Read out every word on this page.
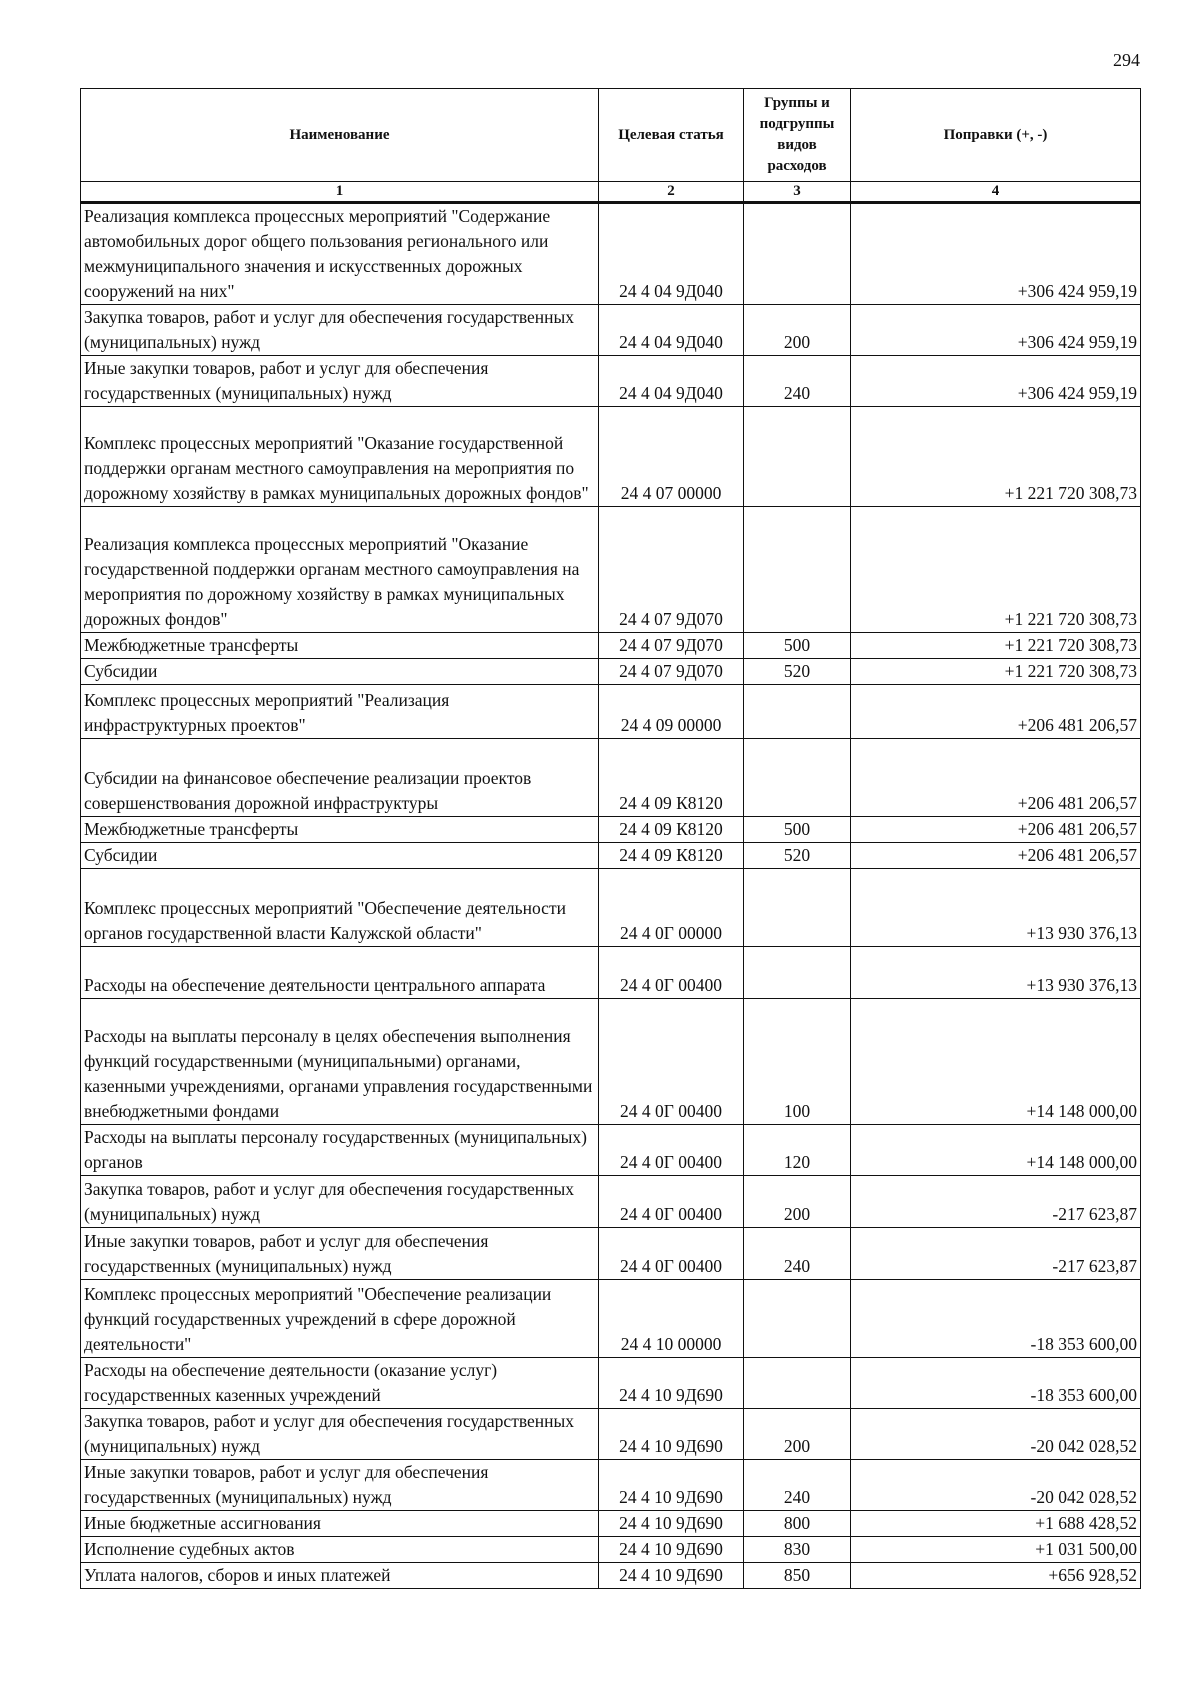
294
Наименование	Целевая статья	Группы и подгруппы видов расходов	Поправки (+, -)
1	2	3	4
Реализация комплекса процессных мероприятий "Содержание автомобильных дорог общего пользования регионального или межмуниципального значения и искусственных дорожных сооружений на них"	24 4 04 9Д040		+306 424 959,19
Закупка товаров, работ и услуг для обеспечения государственных (муниципальных) нужд	24 4 04 9Д040	200	+306 424 959,19
Иные закупки товаров, работ и услуг для обеспечения государственных (муниципальных) нужд	24 4 04 9Д040	240	+306 424 959,19
Комплекс процессных мероприятий "Оказание государственной поддержки органам местного самоуправления на мероприятия по дорожному хозяйству в рамках муниципальных дорожных фондов"	24 4 07 00000		+1 221 720 308,73
Реализация комплекса процессных мероприятий "Оказание государственной поддержки органам местного самоуправления на мероприятия по дорожному хозяйству в рамках муниципальных дорожных фондов"	24 4 07 9Д070		+1 221 720 308,73
Межбюджетные трансферты	24 4 07 9Д070	500	+1 221 720 308,73
Субсидии	24 4 07 9Д070	520	+1 221 720 308,73
Комплекс процессных мероприятий "Реализация инфраструктурных проектов"	24 4 09 00000		+206 481 206,57
Субсидии на финансовое обеспечение реализации проектов совершенствования дорожной инфраструктуры	24 4 09 К8120		+206 481 206,57
Межбюджетные трансферты	24 4 09 К8120	500	+206 481 206,57
Субсидии	24 4 09 К8120	520	+206 481 206,57
Комплекс процессных мероприятий "Обеспечение деятельности органов государственной власти Калужской области"	24 4 0Г 00000		+13 930 376,13
Расходы на обеспечение деятельности центрального аппарата	24 4 0Г 00400		+13 930 376,13
Расходы на выплаты персоналу в целях обеспечения выполнения функций государственными (муниципальными) органами, казенными учреждениями, органами управления государственными внебюджетными фондами	24 4 0Г 00400	100	+14 148 000,00
Расходы на выплаты персоналу государственных (муниципальных) органов	24 4 0Г 00400	120	+14 148 000,00
Закупка товаров, работ и услуг для обеспечения государственных (муниципальных) нужд	24 4 0Г 00400	200	-217 623,87
Иные закупки товаров, работ и услуг для обеспечения государственных (муниципальных) нужд	24 4 0Г 00400	240	-217 623,87
Комплекс процессных мероприятий "Обеспечение реализации функций государственных учреждений в сфере дорожной деятельности"	24 4 10 00000		-18 353 600,00
Расходы на обеспечение деятельности (оказание услуг) государственных казенных учреждений	24 4 10 9Д690		-18 353 600,00
Закупка товаров, работ и услуг для обеспечения государственных (муниципальных) нужд	24 4 10 9Д690	200	-20 042 028,52
Иные закупки товаров, работ и услуг для обеспечения государственных (муниципальных) нужд	24 4 10 9Д690	240	-20 042 028,52
Иные бюджетные ассигнования	24 4 10 9Д690	800	+1 688 428,52
Исполнение судебных актов	24 4 10 9Д690	830	+1 031 500,00
Уплата налогов, сборов и иных платежей	24 4 10 9Д690	850	+656 928,52
